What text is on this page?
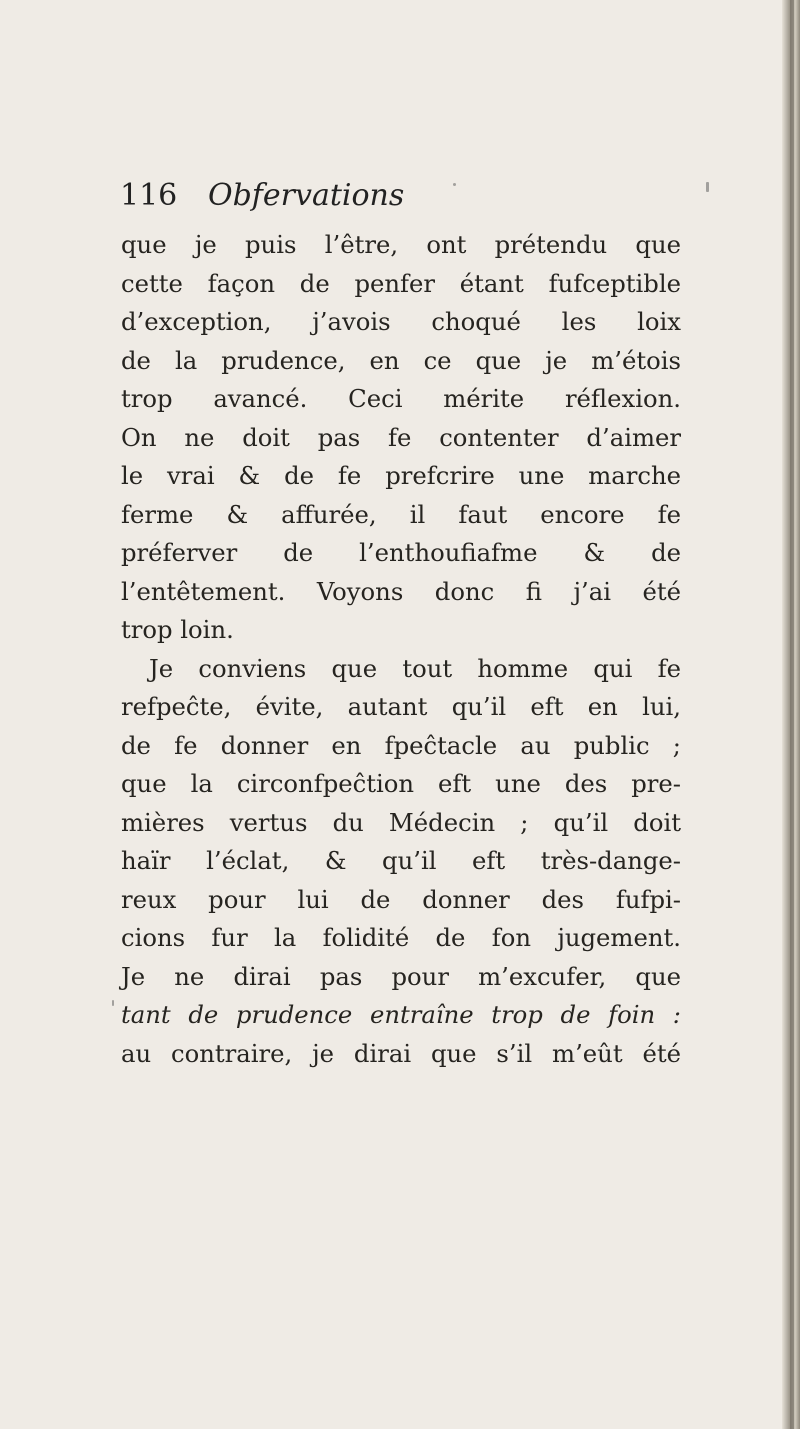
116 Obfervations
que je puis l’être, ont prétendu que
cette façon de penfer étant fufceptible
d’exception, j’avois choqué les loix
de la prudence, en ce que je m’étois
trop avancé. Ceci mérite réflexion.
On ne doit pas fe contenter d’aimer
le vrai & de fe prefcrire une marche
ferme & affurée, il faut encore fe
préferver de l’enthoufiafme & de
l’entêtement. Voyons donc fi j’ai été
trop loin.
Je conviens que tout homme qui fe
refpeĉte, évite, autant qu’il eft en lui,
de fe donner en fpeĉtacle au public ;
que la circonfpeĉtion eft une des pre-
mières vertus du Médecin ; qu’il doit
haïr l’éclat, & qu’il eft très-dange-
reux pour lui de donner des fufpi-
cions fur la folidité de fon jugement.
Je ne dirai pas pour m’excufer, que
tant de prudence entraîne trop de foin :
au contraire, je dirai que s’il m’eût été
